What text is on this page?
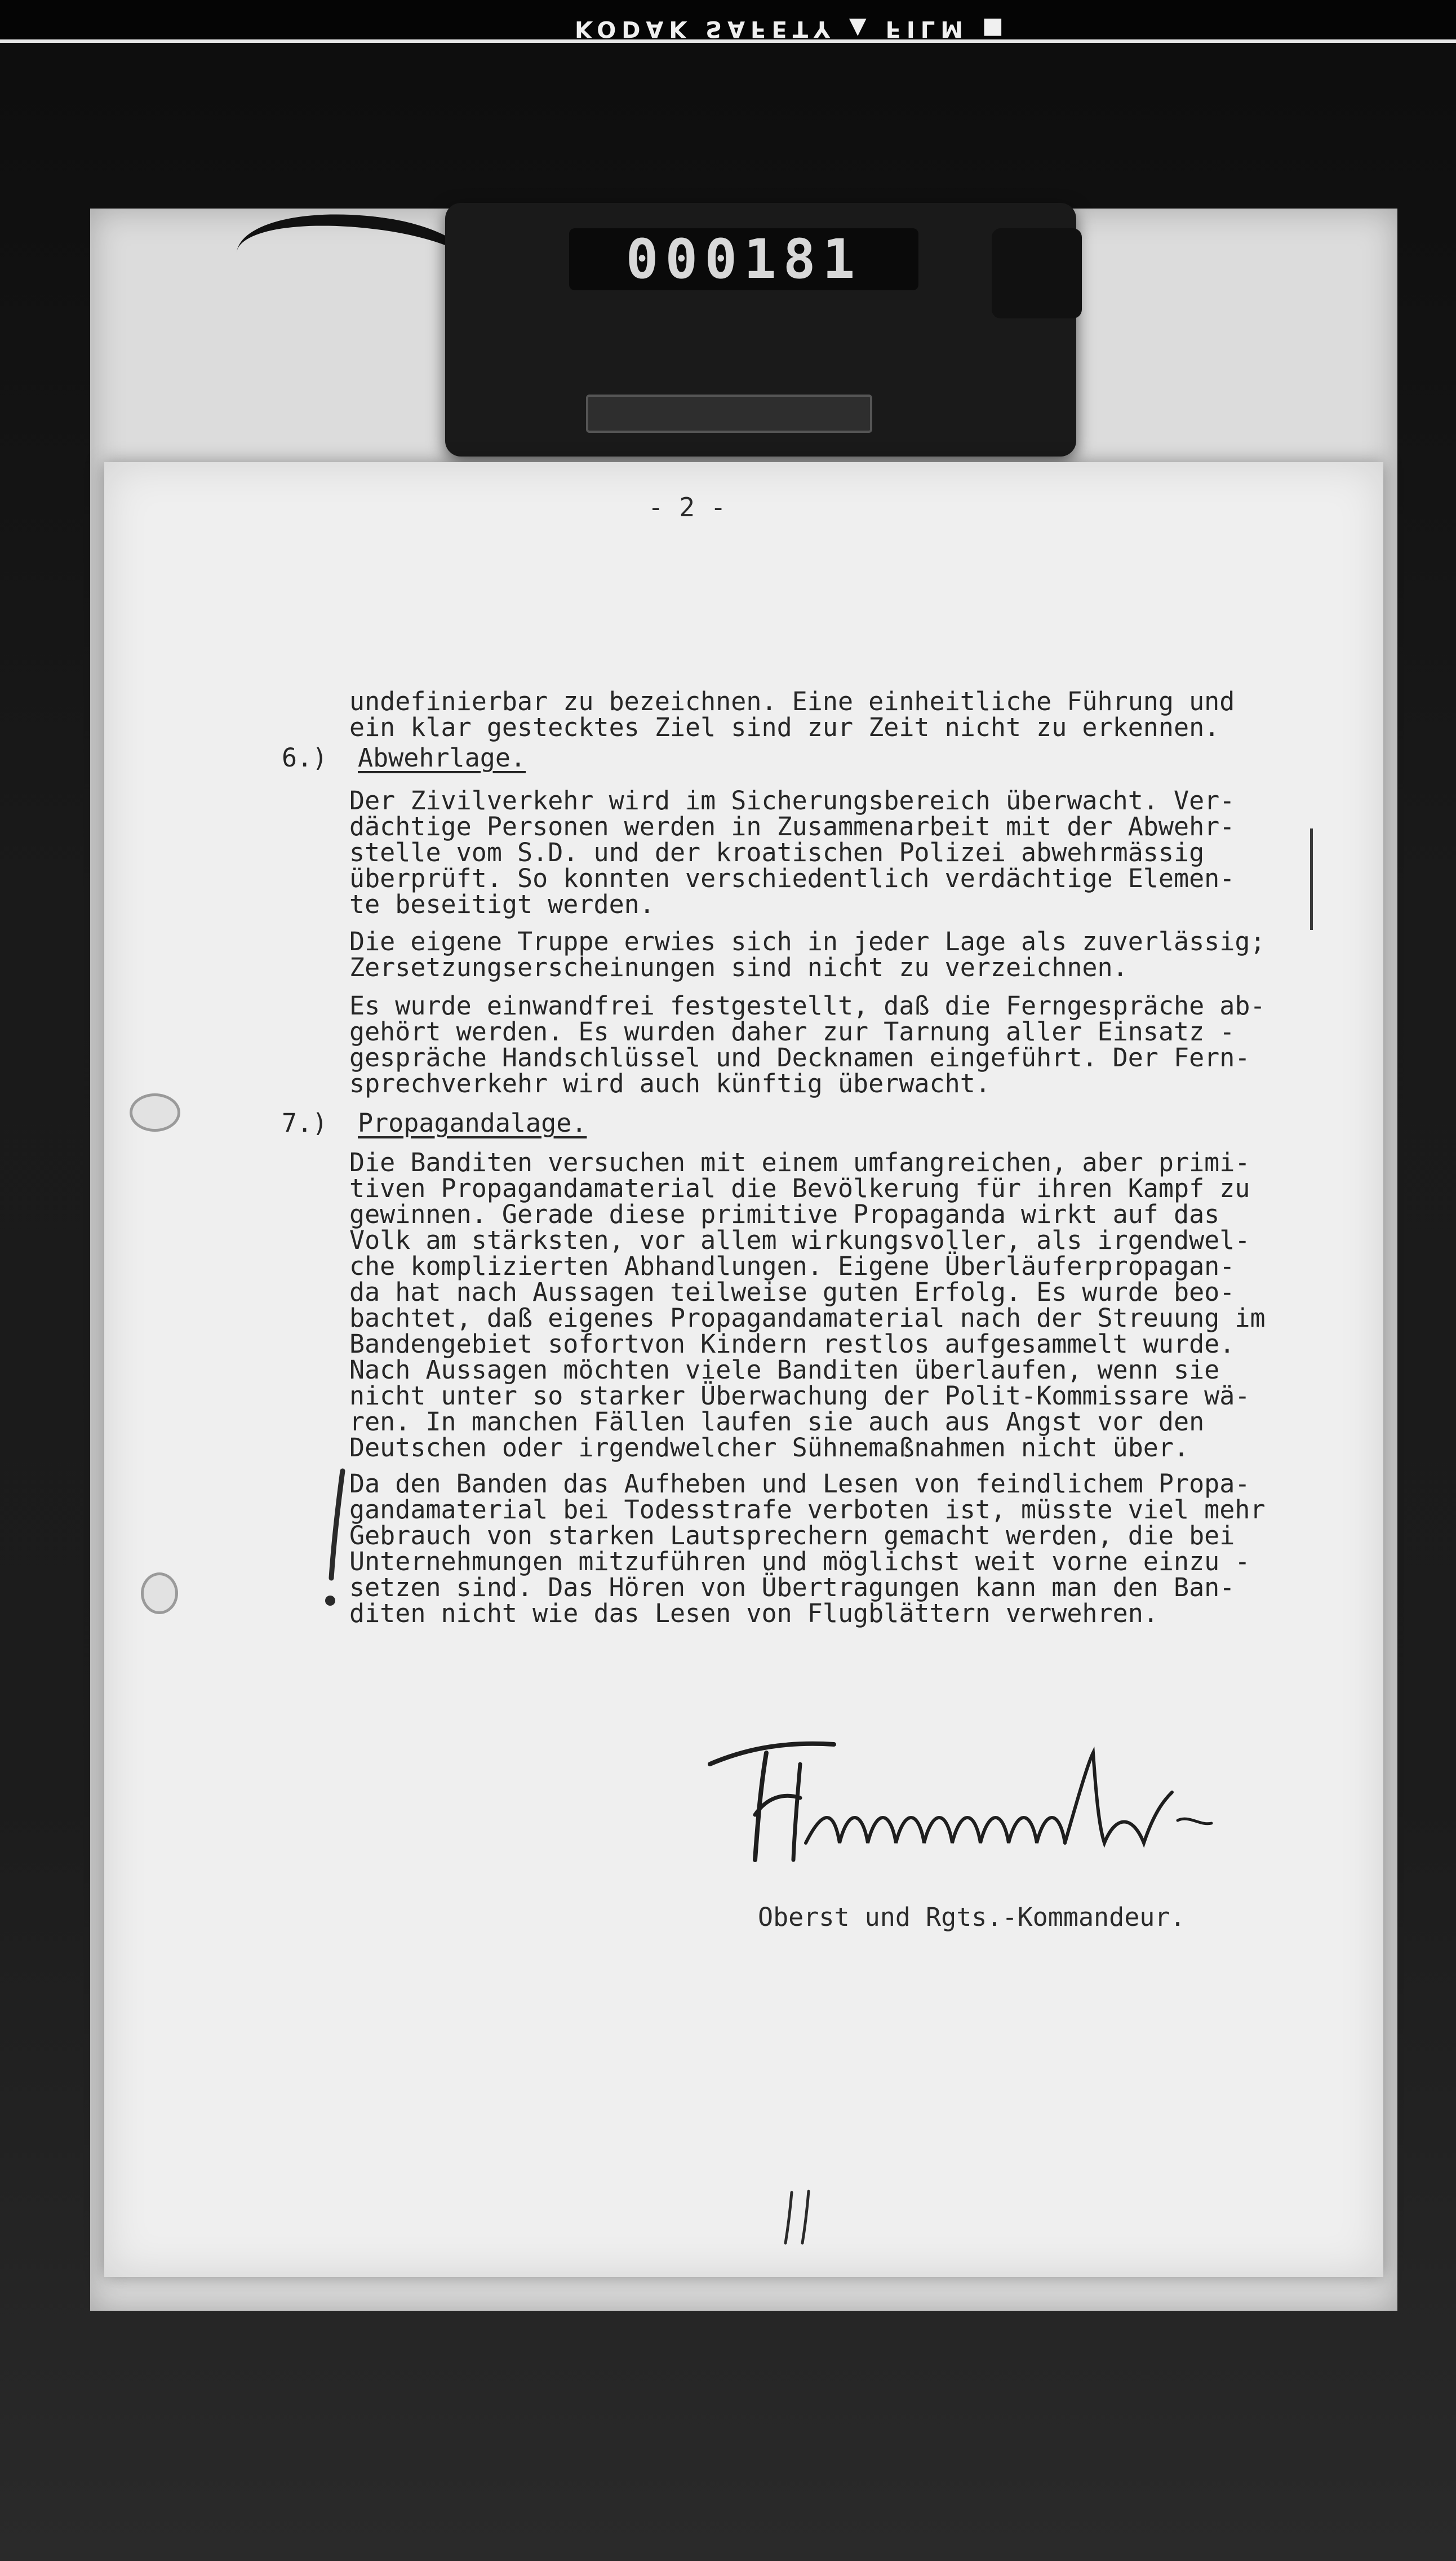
KODAK SAFETY ▲ FILM ■
000181
- 2 -
undefinierbar zu bezeichnen. Eine einheitliche Führung und
ein klar gestecktes Ziel sind zur Zeit nicht zu erkennen.
6.) Abwehrlage.
Der Zivilverkehr wird im Sicherungsbereich überwacht. Ver-
dächtige Personen werden in Zusammenarbeit mit der Abwehr-
stelle vom S.D. und der kroatischen Polizei abwehrmässig
überprüft. So konnten verschiedentlich verdächtige Elemen-
te beseitigt werden.
Die eigene Truppe erwies sich in jeder Lage als zuverlässig;
Zersetzungserscheinungen sind nicht zu verzeichnen.
Es wurde einwandfrei festgestellt, daß die Ferngespräche ab-
gehört werden. Es wurden daher zur Tarnung aller Einsatz -
gespräche Handschlüssel und Decknamen eingeführt. Der Fern-
sprechverkehr wird auch künftig überwacht.
7.) Propagandalage.
Die Banditen versuchen mit einem umfangreichen, aber primi-
tiven Propagandamaterial die Bevölkerung für ihren Kampf zu
gewinnen. Gerade diese primitive Propaganda wirkt auf das
Volk am stärksten, vor allem wirkungsvoller, als irgendwel-
che komplizierten Abhandlungen. Eigene Überläuferpropagan-
da hat nach Aussagen teilweise guten Erfolg. Es wurde beo-
bachtet, daß eigenes Propagandamaterial nach der Streuung im
Bandengebiet sofortvon Kindern restlos aufgesammelt wurde.
Nach Aussagen möchten viele Banditen überlaufen, wenn sie
nicht unter so starker Überwachung der Polit-Kommissare wä-
ren. In manchen Fällen laufen sie auch aus Angst vor den
Deutschen oder irgendwelcher Sühnemaßnahmen nicht über.
Da den Banden das Aufheben und Lesen von feindlichem Propa-
gandamaterial bei Todesstrafe verboten ist, müsste viel mehr
Gebrauch von starken Lautsprechern gemacht werden, die bei
Unternehmungen mitzuführen und möglichst weit vorne einzu -
setzen sind. Das Hören von Übertragungen kann man den Ban-
diten nicht wie das Lesen von Flugblättern verwehren.
Oberst und Rgts.-Kommandeur.
